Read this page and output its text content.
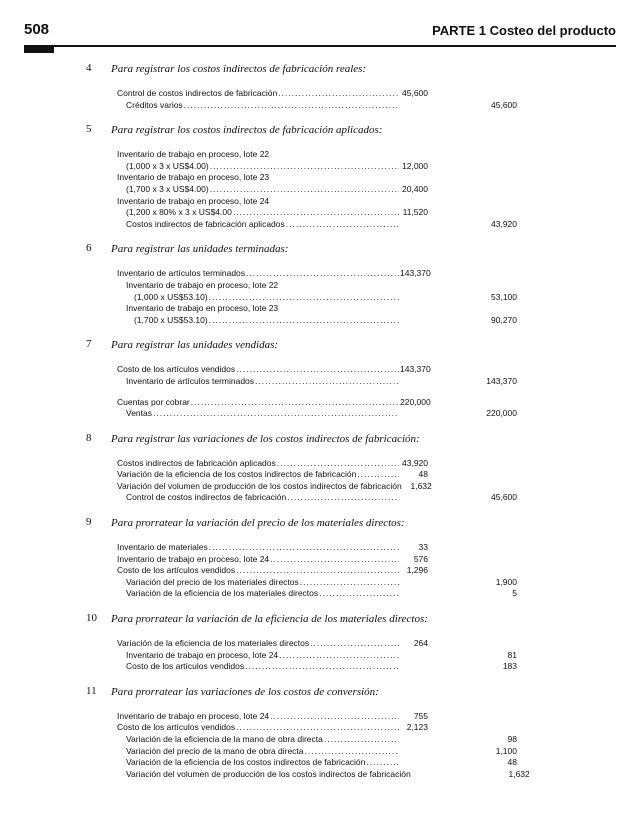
508	PARTE 1 Costeo del producto
4 Para registrar los costos indirectos de fabricación reales:
Control de costos indirectos de fabricación .....	45,600
Créditos varios .....	45,600
5 Para registrar los costos indirectos de fabricación aplicados:
Inventario de trabajo en proceso, lote 22
(1,000 x 3 x US$4.00) .....	12,000
Inventario de trabajo en proceso, lote 23
(1,700 x 3 x US$4.00) .....	20,400
Inventario de trabajo en proceso, lote 24
(1,200 x 80% x 3 x US$4.00 .....	11,520
Costos indirectos de fabricación aplicados .....	43,920
6 Para registrar las unidades terminadas:
Inventario de artículos terminados .....	143,370
Inventario de trabajo en proceso, lote 22
(1,000 x US$53.10) .....	53,100
Inventario de trabajo en proceso, lote 23
(1,700 x US$53.10) .....	90,270
7 Para registrar las unidades vendidas:
Costo de los artículos vendidos .....	143,370
Inventario de artículos terminados .....	143,370
Cuentas por cobrar .....	220,000
Ventas .....	220,000
8 Para registrar las variaciones de los costos indirectos de fabricación:
Costos indirectos de fabricación aplicados .....	43,920
Variación de la eficiencia de los costos indirectos de fabricación .....	48
Variación del volumen de producción de los costos indirectos de fabricación	1,632
Control de costos indirectos de fabricación .....	45,600
9 Para prorratear la variación del precio de los materiales directos:
Inventario de materiales .....	33
Inventario de trabajo en proceso, lote 24 .....	576
Costo de los artículos vendidos .....	1,296
Variación del precio de los materiales directos .....	1,900
Variación de la eficiencia de los materiales directos .....	5
10 Para prorratear la variación de la eficiencia de los materiales directos:
Variación de la eficiencia de los materiales directos .....	264
Inventario de trabajo en proceso, lote 24 .....	81
Costo de los artículos vendidos .....	183
11 Para prorratear las variaciones de los costos de conversión:
Inventario de trabajo en proceso, lote 24 .....	755
Costo de los artículos vendidos .....	2,123
Variación de la eficiencia de la mano de obra directa .....	98
Variación del precio de la mano de obra directa .....	1,100
Variación de la eficiencia de los costos indirectos de fabricación .....	48
Variación del volumen de producción de los costos indirectos de fabricación	1,632
